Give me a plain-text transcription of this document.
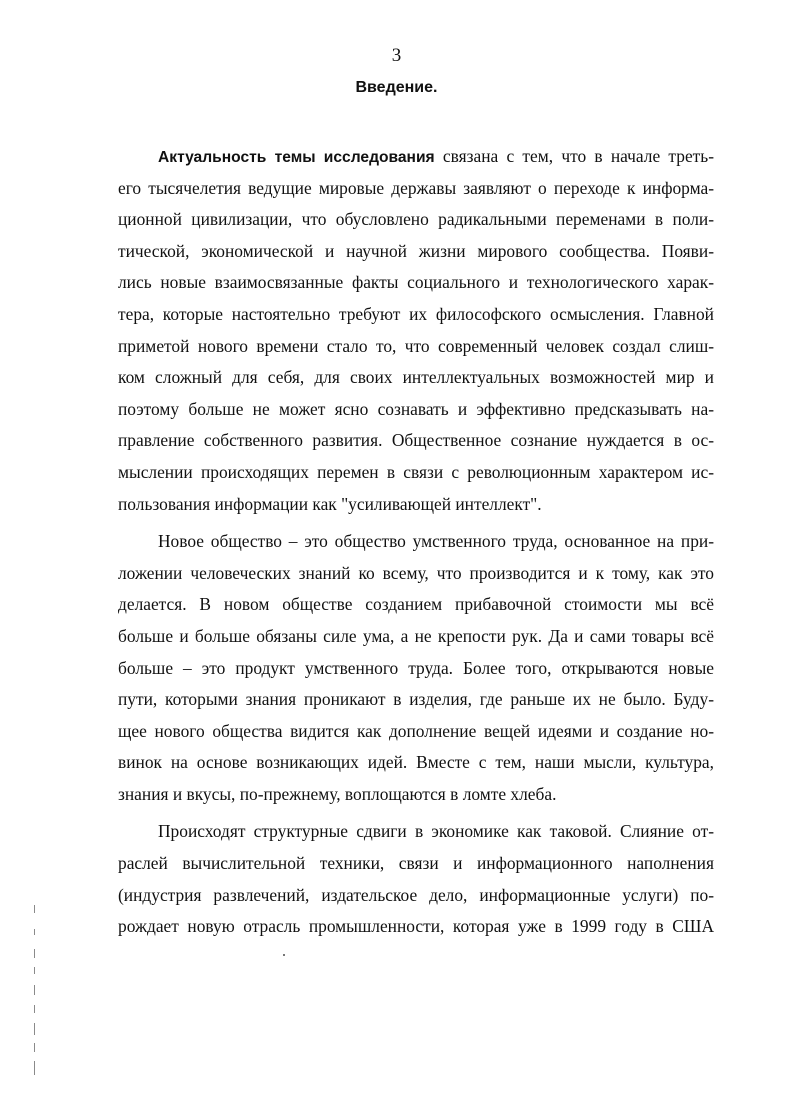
3
Введение.
Актуальность темы исследования связана с тем, что в начале треть-
его тысячелетия ведущие мировые державы заявляют о переходе к информа-
ционной цивилизации, что обусловлено радикальными переменами в поли-
тической, экономической и научной жизни мирового сообщества. Появи-
лись новые взаимосвязанные факты социального и технологического харак-
тера, которые настоятельно требуют их философского осмысления. Главной
приметой нового времени стало то, что современный человек создал слиш-
ком сложный для себя, для своих интеллектуальных возможностей мир и
поэтому больше не может ясно сознавать и эффективно предсказывать на-
правление собственного развития. Общественное сознание нуждается в ос-
мыслении происходящих перемен в связи с революционным характером ис-
пользования информации как "усиливающей интеллект".
Новое общество – это общество умственного труда, основанное на при-
ложении человеческих знаний ко всему, что производится и к тому, как это
делается. В новом обществе созданием прибавочной стоимости мы всё
больше и больше обязаны силе ума, а не крепости рук. Да и сами товары всё
больше – это продукт умственного труда. Более того, открываются новые
пути, которыми знания проникают в изделия, где раньше их не было. Буду-
щее нового общества видится как дополнение вещей идеями и создание но-
винок на основе возникающих идей. Вместе с тем, наши мысли, культура,
знания и вкусы, по-прежнему, воплощаются в ломте хлеба.
Происходят структурные сдвиги в экономике как таковой. Слияние от-
раслей вычислительной техники, связи и информационного наполнения
(индустрия развлечений, издательское дело, информационные услуги) по-
рождает новую отрасль промышленности, которая уже в 1999 году в США
